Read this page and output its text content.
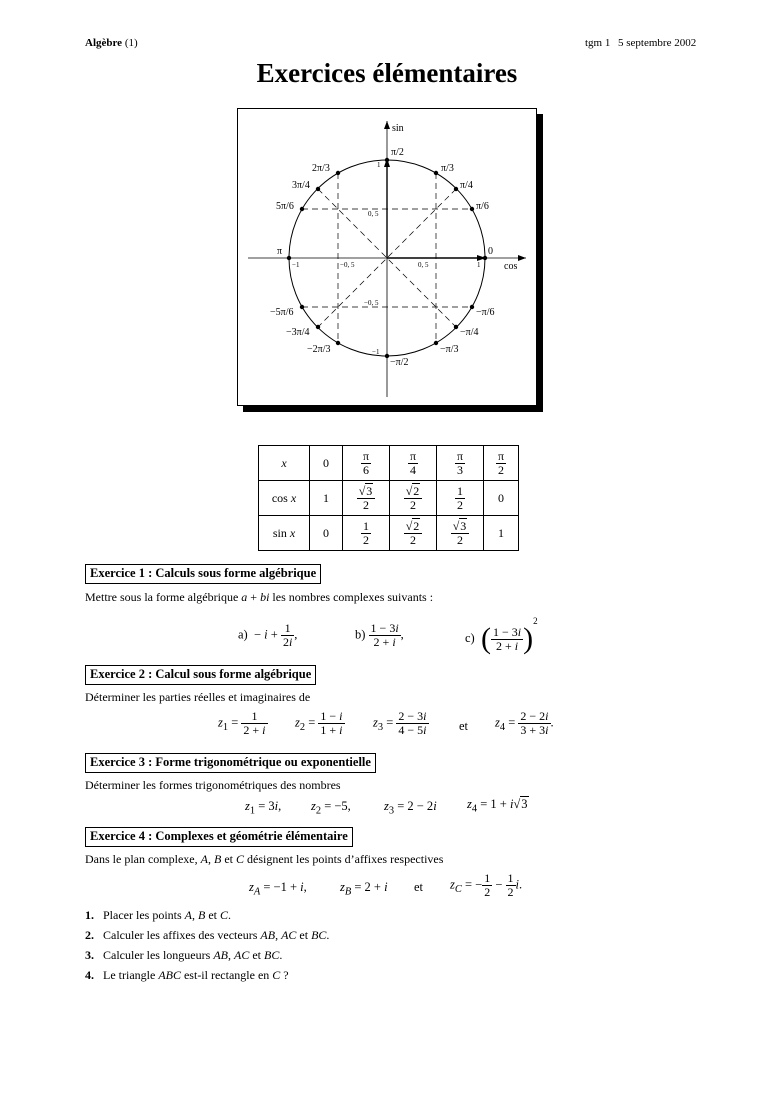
Algèbre (1)	tgm 1 5 septembre 2002
Exercices élémentaires
sin
cos
1
0, 5
−0, 5
−1
−1	−0, 5	0, 5	1
0
π/6
π/4
π/3
π/2
2π/3
3π/4
5π/6
π
−5π/6
−3π/4
−2π/3
−π/2
−π/3
−π/4
−π/6
x	0	$\frac{\pi}{6}$	$\frac{\pi}{4}$	$\frac{\pi}{3}$	$\frac{\pi}{2}$

cos x	1	$\frac{√3}{2}$	$\frac{√2}{2}$	$\frac{1}{2}$	0
sin x	0	$\frac{1}{2}$	$\frac{√2}{2}$	$\frac{√3}{2}$	1
Exercice 1 : Calculs sous forme algébrique
Mettre sous la forme algébrique a + bi les nombres complexes suivants :
$a) - i + \frac{1}{2i}$ ,	$b) \frac{1 - 3i}{2 + i}$ ,	c)  ( $\frac{1 - 3i}{2 + i} )^2$
Exercice 2 : Calcul sous forme algébrique
Déterminer les parties réelles et imaginaires de
$z_1 = \frac{1}{2 + i} z_2 = \frac{1 - i}{1 + i} z_3 = \frac{2 - 3i}{4 - 5i}$ et $z_4 = \frac{2 - 2i}{3 + 3i}$ .
Exercice 3 : Forme trigonométrique ou exponentielle
Déterminer les formes trigonométriques des nombres
$z_1 = 3i$, $z_2 = -5$,	$z_3 = 2 - 2i$ $z_4 = 1 + i√3$
Exercice 4 : Complexes et géométrie élémentaire
Dans le plan complexe, A, B et C désignent les points d’affixes respectives
$z_A = -1 + i$,	$z_B = 2 + i$ et $z_C$ = − $\frac{1}{2} - \frac{1}{2} i$.
1. Placer les points A, B et C.
2. Calculer les affixes des vecteurs AB, AC et BC.
3. Calculer les longueurs AB, AC et BC.
4. Le triangle ABC est-il rectangle en C ?
